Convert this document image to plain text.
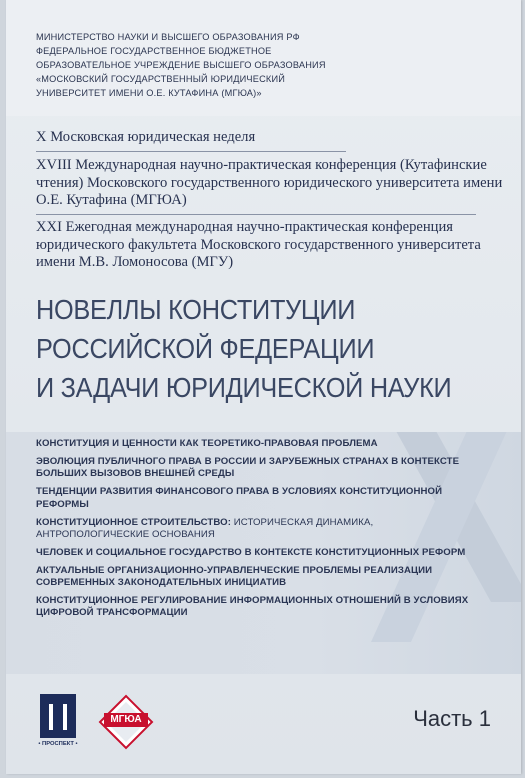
МИНИСТЕРСТВО НАУКИ И ВЫСШЕГО ОБРАЗОВАНИЯ РФ
ФЕДЕРАЛЬНОЕ ГОСУДАРСТВЕННОЕ БЮДЖЕТНОЕ
ОБРАЗОВАТЕЛЬНОЕ УЧРЕЖДЕНИЕ ВЫСШЕГО ОБРАЗОВАНИЯ
«МОСКОВСКИЙ ГОСУДАРСТВЕННЫЙ ЮРИДИЧЕСКИЙ
УНИВЕРСИТЕТ ИМЕНИ О.Е. КУТАФИНА (МГЮА)»
X Московская юридическая неделя
XVIII Международная научно-практическая конференция (Кутафинские чтения) Московского государственного юридического университета имени О.Е. Кутафина (МГЮА)
XXI Ежегодная международная научно-практическая конференция юридического факультета Московского государственного университета имени М.В. Ломоносова (МГУ)
НОВЕЛЛЫ КОНСТИТУЦИИ
РОССИЙСКОЙ ФЕДЕРАЦИИ
И ЗАДАЧИ ЮРИДИЧЕСКОЙ НАУКИ
КОНСТИТУЦИЯ И ЦЕННОСТИ КАК ТЕОРЕТИКО-ПРАВОВАЯ ПРОБЛЕМА
ЭВОЛЮЦИЯ ПУБЛИЧНОГО ПРАВА В РОССИИ И ЗАРУБЕЖНЫХ СТРАНАХ В КОНТЕКСТЕ БОЛЬШИХ ВЫЗОВОВ ВНЕШНЕЙ СРЕДЫ
ТЕНДЕНЦИИ РАЗВИТИЯ ФИНАНСОВОГО ПРАВА В УСЛОВИЯХ КОНСТИТУЦИОННОЙ РЕФОРМЫ
КОНСТИТУЦИОННОЕ СТРОИТЕЛЬСТВО: ИСТОРИЧЕСКАЯ ДИНАМИКА, АНТРОПОЛОГИЧЕСКИЕ ОСНОВАНИЯ
ЧЕЛОВЕК И СОЦИАЛЬНОЕ ГОСУДАРСТВО В КОНТЕКСТЕ КОНСТИТУЦИОННЫХ РЕФОРМ
АКТУАЛЬНЫЕ ОРГАНИЗАЦИОННО-УПРАВЛЕНЧЕСКИЕ ПРОБЛЕМЫ РЕАЛИЗАЦИИ СОВРЕМЕННЫХ ЗАКОНОДАТЕЛЬНЫХ ИНИЦИАТИВ
КОНСТИТУЦИОННОЕ РЕГУЛИРОВАНИЕ ИНФОРМАЦИОННЫХ ОТНОШЕНИЙ В УСЛОВИЯХ ЦИФРОВОЙ ТРАНСФОРМАЦИИ
• ПРОСПЕКТ •
МГЮА	Часть 1
